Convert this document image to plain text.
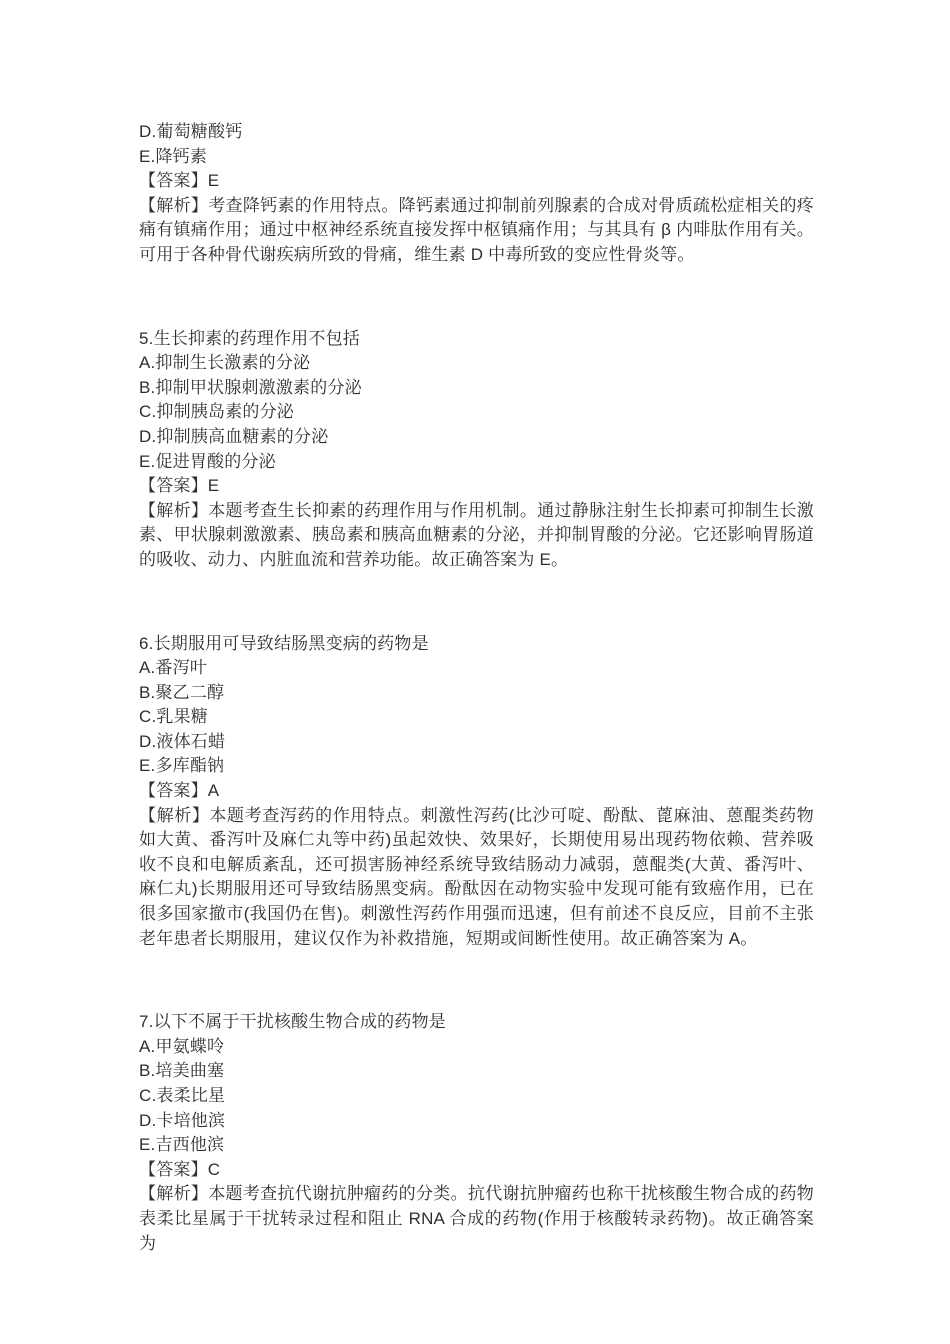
D.葡萄糖酸钙

E.降钙素

【答案】E

【解析】考查降钙素的作用特点。降钙素通过抑制前列腺素的合成对骨质疏松症相关的疼痛有镇痛作用；通过中枢神经系统直接发挥中枢镇痛作用；与其具有 β 内啡肽作用有关。可用于各种骨代谢疾病所致的骨痛，维生素 D 中毒所致的变应性骨炎等。

5.生长抑素的药理作用不包括

A.抑制生长激素的分泌

B.抑制甲状腺刺激激素的分泌

C.抑制胰岛素的分泌

D.抑制胰高血糖素的分泌

E.促进胃酸的分泌

【答案】E

【解析】本题考查生长抑素的药理作用与作用机制。通过静脉注射生长抑素可抑制生长激素、甲状腺刺激激素、胰岛素和胰高血糖素的分泌，并抑制胃酸的分泌。它还影响胃肠道的吸收、动力、内脏血流和营养功能。故正确答案为 E。

6.长期服用可导致结肠黑变病的药物是

A.番泻叶

B.聚乙二醇

C.乳果糖

D.液体石蜡

E.多库酯钠

【答案】A

【解析】本题考查泻药的作用特点。刺激性泻药(比沙可啶、酚酞、蓖麻油、蒽醌类药物如大黄、番泻叶及麻仁丸等中药)虽起效快、效果好，长期使用易出现药物依赖、营养吸收不良和电解质紊乱，还可损害肠神经系统导致结肠动力减弱，蒽醌类(大黄、番泻叶、麻仁丸)长期服用还可导致结肠黑变病。酚酞因在动物实验中发现可能有致癌作用，已在很多国家撤市(我国仍在售)。刺激性泻药作用强而迅速，但有前述不良反应，目前不主张老年患者长期服用，建议仅作为补救措施，短期或间断性使用。故正确答案为 A。

7.以下不属于干扰核酸生物合成的药物是

A.甲氨蝶呤

B.培美曲塞

C.表柔比星

D.卡培他滨

E.吉西他滨

【答案】C

【解析】本题考查抗代谢抗肿瘤药的分类。抗代谢抗肿瘤药也称干扰核酸生物合成的药物表柔比星属于干扰转录过程和阻止 RNA 合成的药物(作用于核酸转录药物)。故正确答案为
